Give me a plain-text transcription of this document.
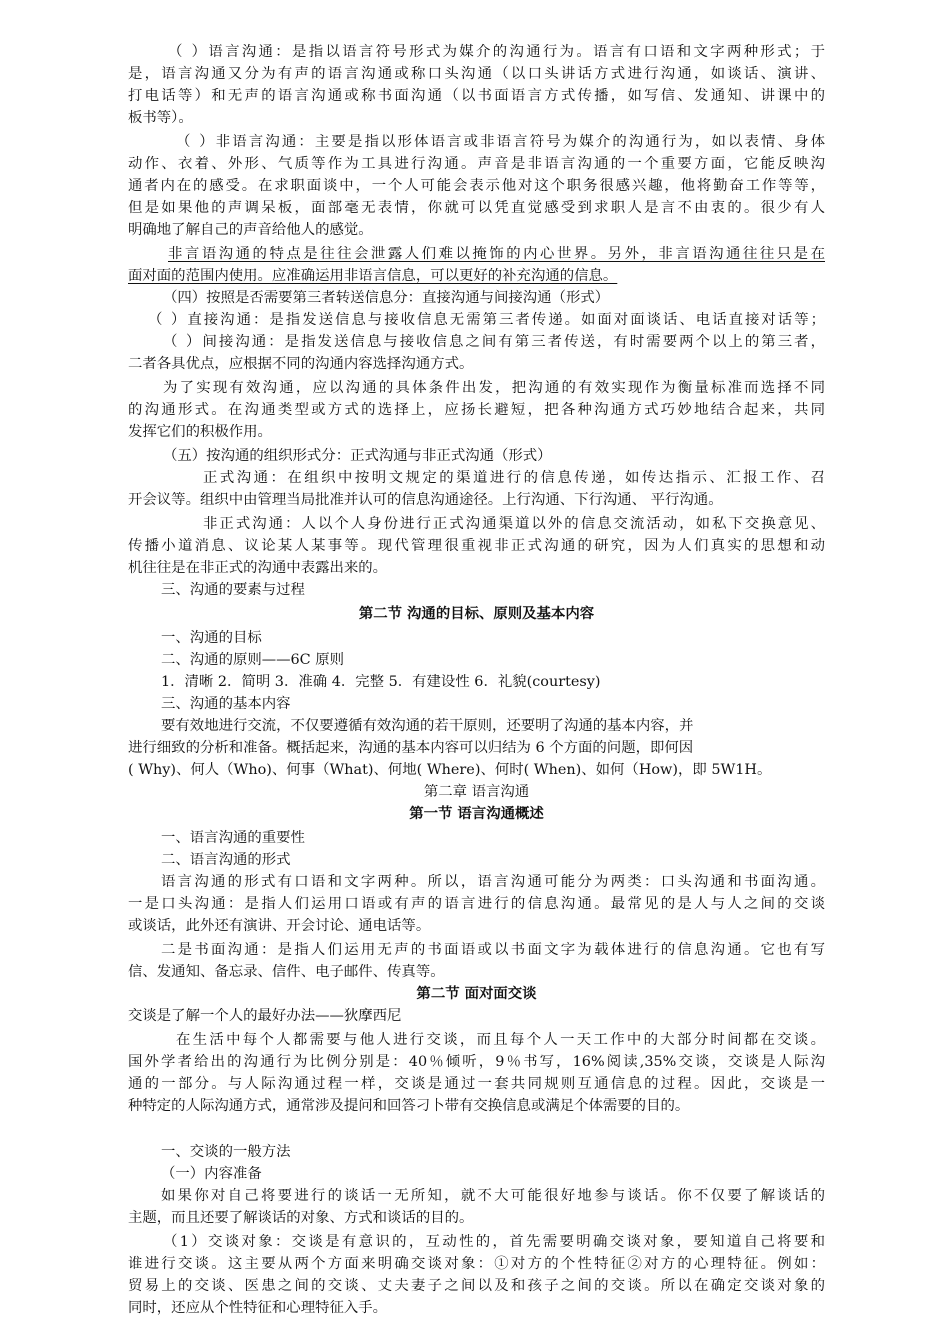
（ ）语言沟通：是指以语言符号形式为媒介的沟通行为。语言有口语和文字两种形式；于
是，语言沟通又分为有声的语言沟通或称口头沟通（以口头讲话方式进行沟通，如谈话、演讲、
打电话等）和无声的语言沟通或称书面沟通（以书面语言方式传播，如写信、发通知、讲课中的
板书等）。
（ ）非语言沟通：主要是指以形体语言或非语言符号为媒介的沟通行为，如以表情、身体
动作、衣着、外形、气质等作为工具进行沟通。声音是非语言沟通的一个重要方面，它能反映沟
通者内在的感受。在求职面谈中，一个人可能会表示他对这个职务很感兴趣，他将勤奋工作等等，
但是如果他的声调呆板，面部毫无表情，你就可以凭直觉感受到求职人是言不由衷的。很少有人
明确地了解自己的声音给他人的感觉。
非言语沟通的特点是往往会泄露人们难以掩饰的内心世界。另外，非言语沟通往往只是在
面对面的范围内使用。应准确运用非语言信息，可以更好的补充沟通的信息。
（四）按照是否需要第三者转送信息分：直接沟通与间接沟通（形式）
（ ）直接沟通：是指发送信息与接收信息无需第三者传递。如面对面谈话、电话直接对话等；
（ ）间接沟通：是指发送信息与接收信息之间有第三者传送，有时需要两个以上的第三者，
二者各具优点，应根据不同的沟通内容选择沟通方式。
为了实现有效沟通，应以沟通的具体条件出发，把沟通的有效实现作为衡量标准而选择不同
的沟通形式。在沟通类型或方式的选择上，应扬长避短，把各种沟通方式巧妙地结合起来，共同
发挥它们的积极作用。
（五）按沟通的组织形式分：正式沟通与非正式沟通（形式）
正式沟通：在组织中按明文规定的渠道进行的信息传递，如传达指示、汇报工作、召
开会议等。组织中由管理当局批准并认可的信息沟通途径。上行沟通、下行沟通、 平行沟通。
非正式沟通：人以个人身份进行正式沟通渠道以外的信息交流活动，如私下交换意见、
传播小道消息、议论某人某事等。现代管理很重视非正式沟通的研究，因为人们真实的思想和动
机往往是在非正式的沟通中表露出来的。
三、沟通的要素与过程
第二节 沟通的目标、原则及基本内容
一、沟通的目标
二、沟通的原则——6C 原则
1．清晰 2．简明 3．准确 4．完整 5．有建设性 6．礼貌(courtesy)
三、沟通的基本内容
要有效地进行交流，不仅要遵循有效沟通的若干原则，还要明了沟通的基本内容，并
进行细致的分析和准备。概括起来，沟通的基本内容可以归结为 6 个方面的问题，即何因
( Why)、何人（Who)、何事（What)、何地( Where)、何时( When)、如何（How)，即 5W1H。
第二章 语言沟通
第一节 语言沟通概述
一、语言沟通的重要性
二、语言沟通的形式
语言沟通的形式有口语和文字两种。所以，语言沟通可能分为两类：口头沟通和书面沟通。
一是口头沟通：是指人们运用口语或有声的语言进行的信息沟通。最常见的是人与人之间的交谈
或谈话，此外还有演讲、开会讨论、通电话等。
二是书面沟通：是指人们运用无声的书面语或以书面文字为载体进行的信息沟通。它也有写
信、发通知、备忘录、信件、电子邮件、传真等。
第二节 面对面交谈
交谈是了解一个人的最好办法——狄摩西尼
在生活中每个人都需要与他人进行交谈，而且每个人一天工作中的大部分时间都在交谈。
国外学者给出的沟通行为比例分别是：40％倾听，9％书写，16%阅读,35%交谈，交谈是人际沟
通的一部分。与人际沟通过程一样，交谈是通过一套共同规则互通信息的过程。因此，交谈是一
种特定的人际沟通方式，通常涉及提问和回答刁卜带有交换信息或满足个体需要的目的。
一、交谈的一般方法
（一）内容准备
如果你对自己将要进行的谈话一无所知，就不大可能很好地参与谈话。你不仅要了解谈话的
主题，而且还要了解谈话的对象、方式和谈话的目的。
（1）交谈对象：交谈是有意识的，互动性的，首先需要明确交谈对象，要知道自己将要和
谁进行交谈。这主要从两个方面来明确交谈对象：①对方的个性特征②对方的心理特征。例如：
贸易上的交谈、医患之间的交谈、丈夫妻子之间以及和孩子之间的交谈。所以在确定交谈对象的
同时，还应从个性特征和心理特征入手。
